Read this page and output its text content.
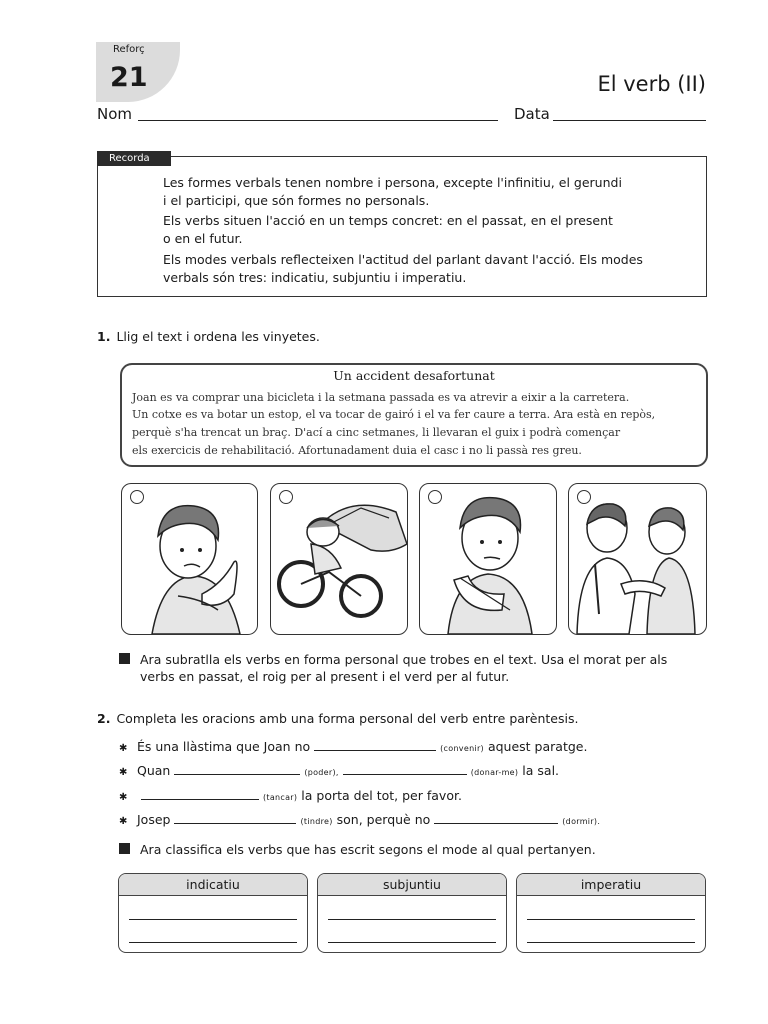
Reforç
21	El verb (II)
Nom	Data
Recorda

Les formes verbals tenen nombre i persona, excepte l'infinitiu, el gerundi
i el participi, que són formes no personals.

Els verbs situen l'acció en un temps concret: en el passat, en el present
o en el futur.

Els modes verbals reflecteixen l'actitud del parlant davant l'acció. Els modes
verbals són tres: indicatiu, subjuntiu i imperatiu.

1. Llig el text i ordena les vinyetes.
Un accident desafortunat
Joan es va comprar una bicicleta i la setmana passada es va atrevir a eixir a la carretera.
Un cotxe es va botar un estop, el va tocar de gairó i el va fer caure a terra. Ara està en repòs,
perquè s'ha trencat un braç. D'ací a cinc setmanes, li llevaran el guix i podrà començar
els exercicis de rehabilitació. Afortunadament duia el casc i no li passà res greu.
Ara subratlla els verbs en forma personal que trobes en el text. Usa el morat per als
verbs en passat, el roig per al present i el verd per al futur.
2. Completa les oracions amb una forma personal del verb entre parèntesis.
✱ És una llàstima que Joan no	(convenir) aquest paratge.
✱ Quan	(poder),	(donar-me) la sal.
✱	(tancar) la porta del tot, per favor.
✱ Josep	(tindre) son, perquè no	(dormir).
Ara classifica els verbs que has escrit segons el mode al qual pertanyen.
indicatiu	subjuntiu	imperatiu
